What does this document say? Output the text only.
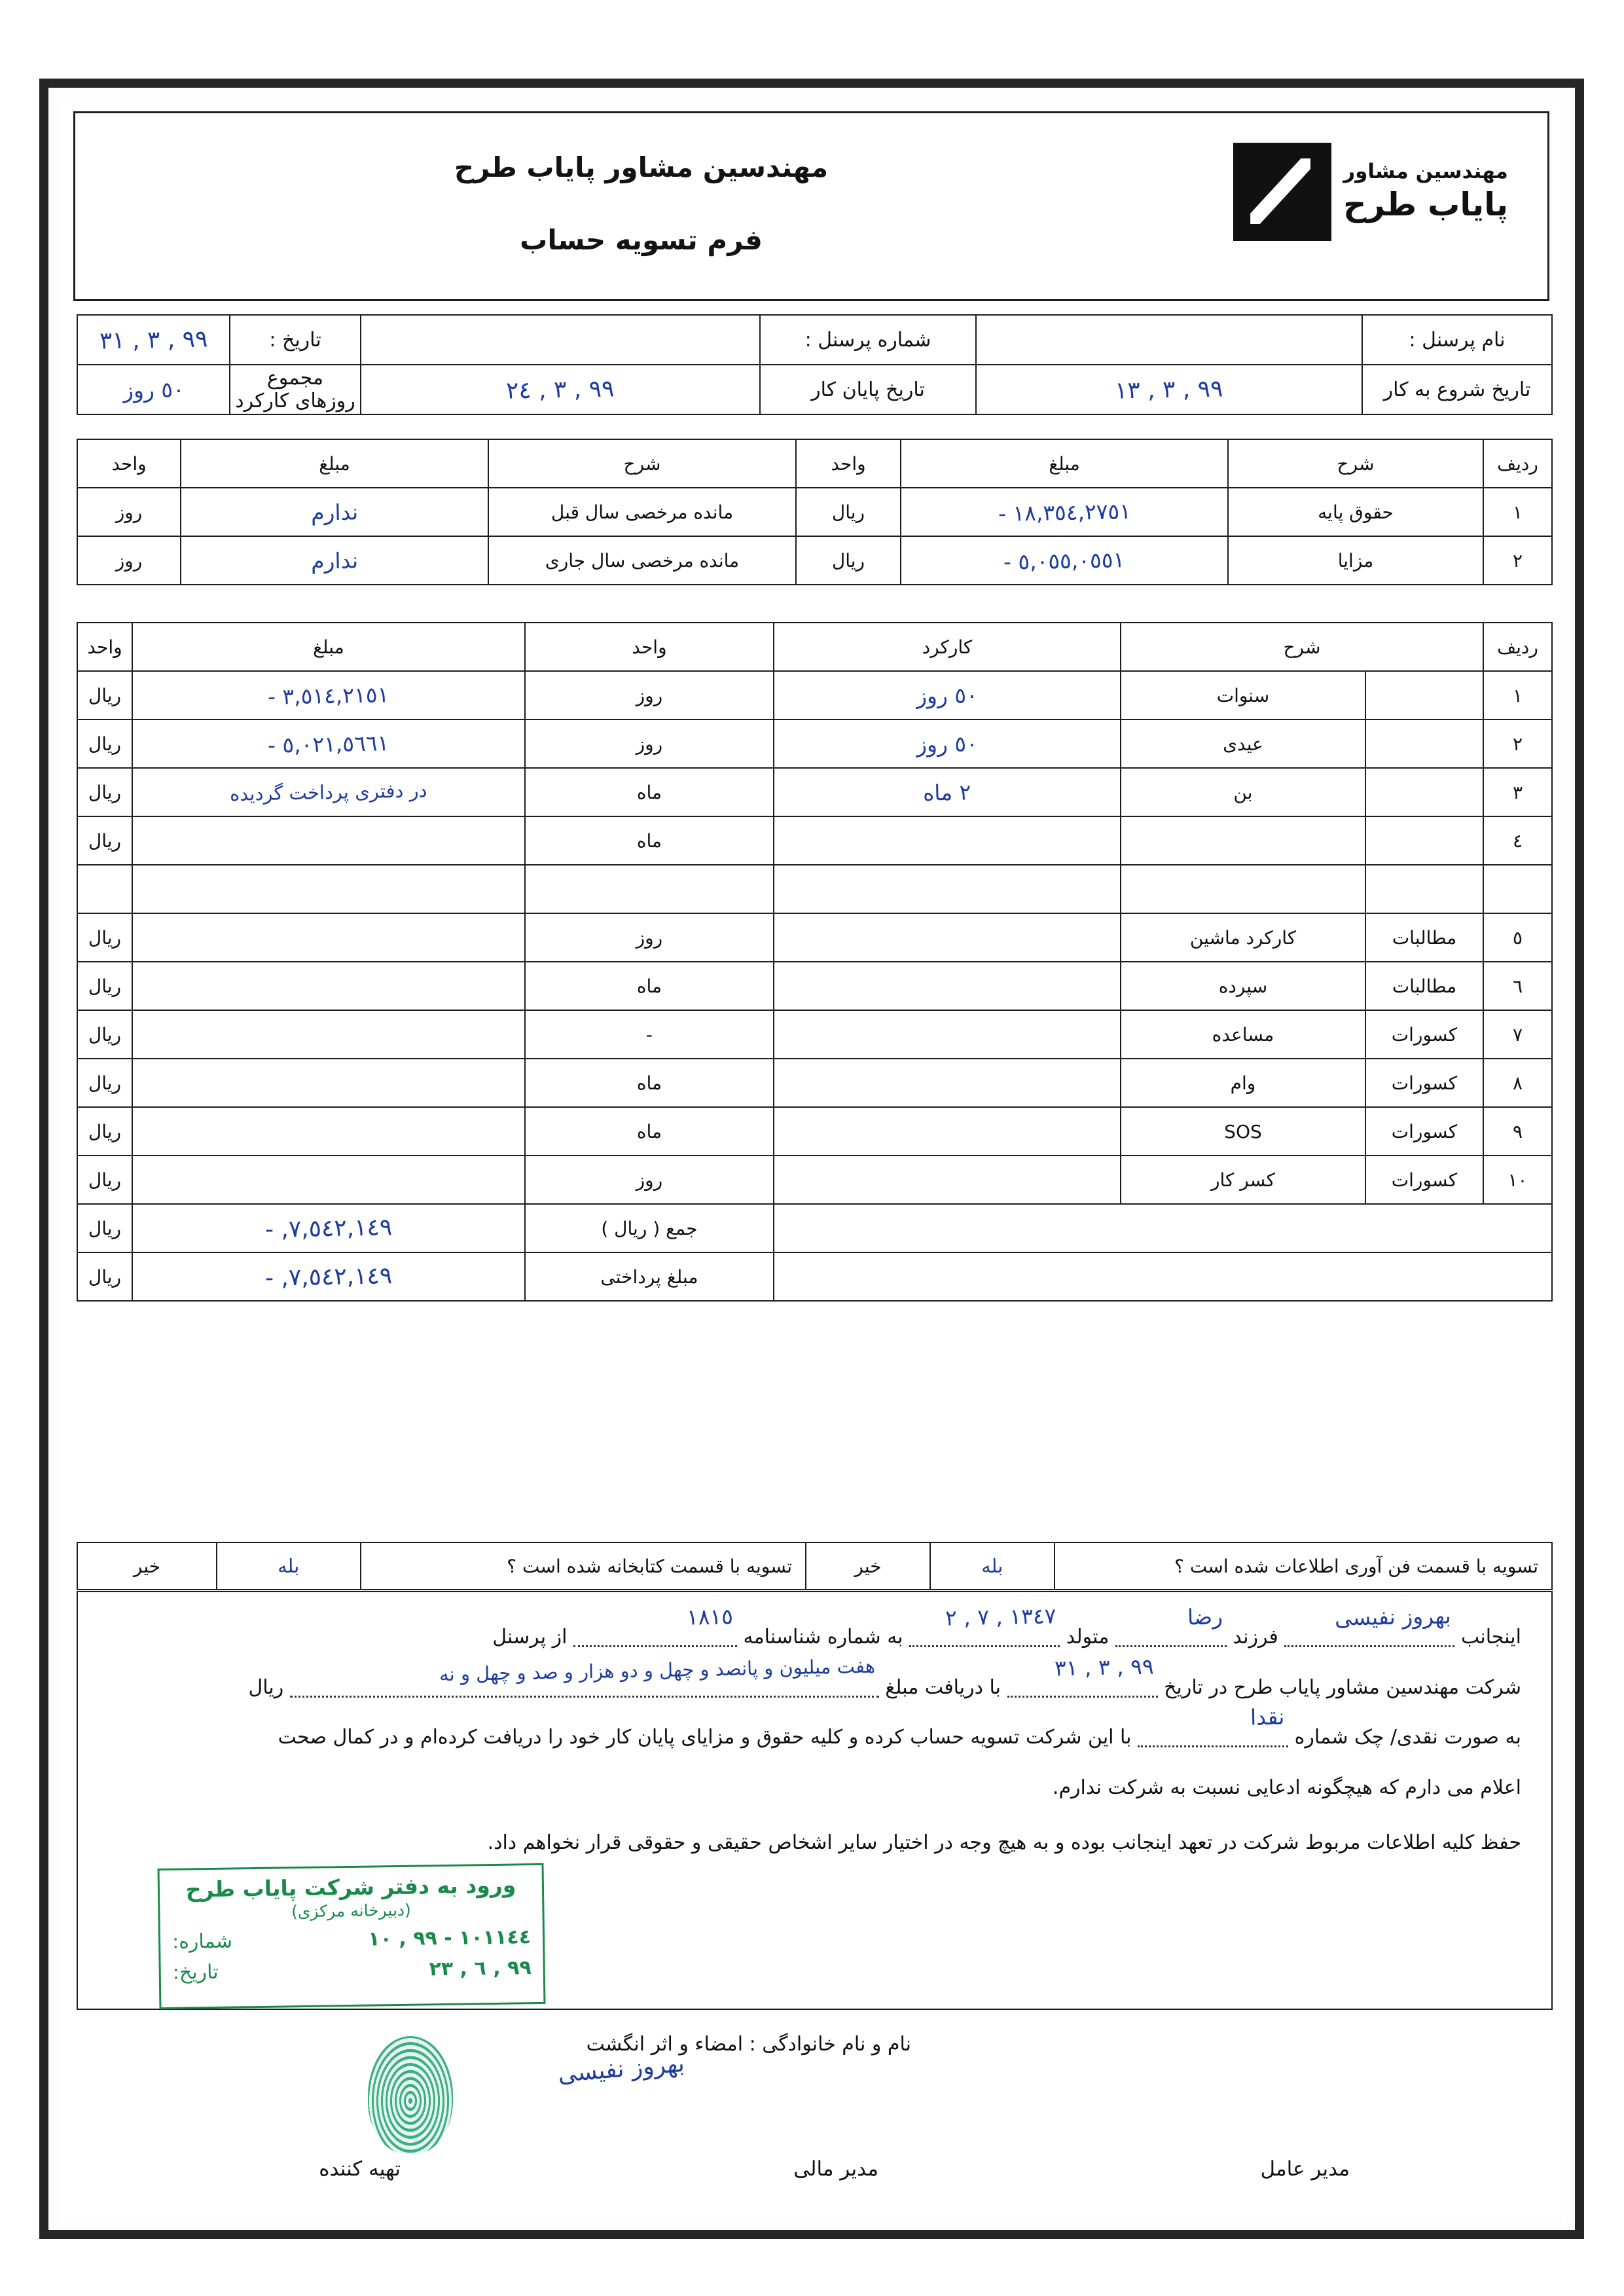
مهندسین مشاور
پایاب طرح
مهندسین مشاور پایاب طرح
فرم تسویه حساب
نام پرسنل :		شماره پرسنل :		تاریخ :	٩٩ , ٣ , ٣١
تاریخ شروع به کار	٩٩ , ٣ , ١٣	تاریخ پایان کار	٩٩ , ٣ , ٢٤	مجموع روزهای کارکرد	٥٠ روز
ردیف	شرح	مبلغ	واحد	شرح	مبلغ	واحد
١	حقوق پایه	١٨,٣٥٤,٢٧٥١ -	ریال	مانده مرخصی سال قبل	ندارم	روز
٢	مزایا	٥,٠٥٥,٠٥٥١ -	ریال	مانده مرخصی سال جاری	ندارم	روز
ردیف	شرح		کارکرد	واحد	مبلغ	واحد
١		سنوات	٥٠ روز	روز	٣,٥١٤,٢١٥١ -	ریال
٢		عیدی	٥٠ روز	روز	٥,٠٢١,٥٦٦١ -	ریال
٣		بن	٢ ماه	ماه	در دفتری پرداخت گردیده	ریال
٤				ماه		ریال

٥	مطالبات	کارکرد ماشین		روز		ریال
٦	مطالبات	سپرده		ماه		ریال
٧	کسورات	مساعده		-		ریال
٨	کسورات	وام		ماه		ریال
٩	کسورات	SOS		ماه		ریال
١٠	کسورات	کسر کار		روز		ریال
				جمع ( ریال )	٧,٥٤٢,١٤٩, -	ریال
				مبلغ پرداختی	٧,٥٤٢,١٤٩, -	ریال
تسویه با قسمت فن آوری اطلاعات شده است ؟	بله	خیر	تسویه با قسمت کتابخانه شده است ؟	بله	خیر
اینجانب
بهروز نفیسی
فرزند
رضا
متولد
١٣٤٧ , ٧ , ٢
به شماره شناسنامه
١٨١٥
از پرسنل
شرکت مهندسین مشاور پایاب طرح در تاریخ
٩٩ , ٣ , ٣١
با دریافت مبلغ
هفت میلیون و پانصد و چهل و دو هزار و صد و چهل و نه
ریال
به صورت نقدی/ چک شماره
نقدا
با این شرکت تسویه حساب کرده و کلیه حقوق و مزایای پایان کار خود را دریافت کرده‌ام و در کمال صحت
اعلام می دارم که هیچگونه ادعایی نسبت به شرکت ندارم.
حفظ کلیه اطلاعات مربوط شرکت در تعهد اینجانب بوده و به هیچ وجه در اختیار سایر اشخاص حقیقی و حقوقی قرار نخواهم داد.
ورود به دفتر شرکت پایاب طرح
(دبیرخانه مرکزی)
١٠١١٤٤ - ٩٩ , ١٠
شماره:
٩٩ , ٦ , ٢٣
تاریخ:
نام و نام خانوادگی : امضاء و اثر انگشت
بهروز نفیسی
تهیه کننده	مدیر مالی	مدیر عامل
